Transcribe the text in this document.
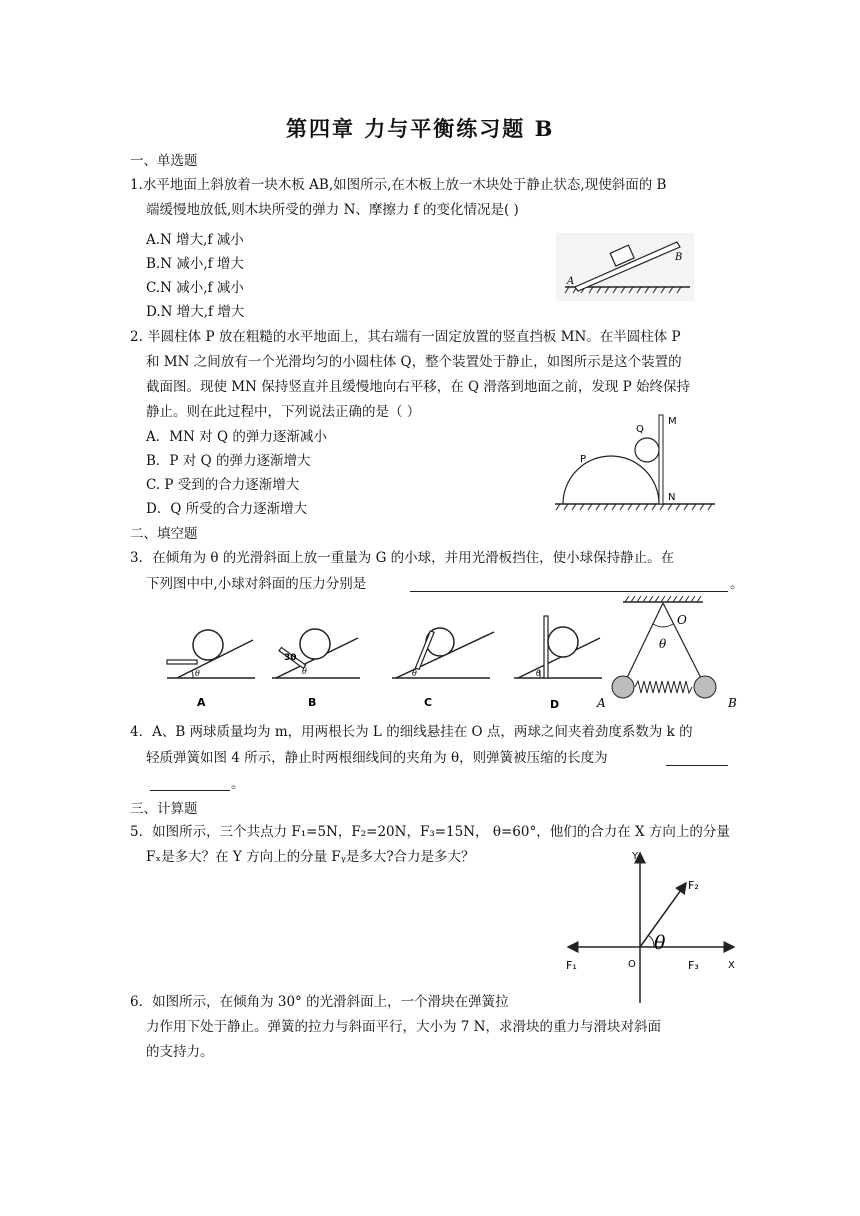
第四章 力与平衡练习题 B
一、单选题
1.水平地面上斜放着一块木板 AB,如图所示,在木板上放一木块处于静止状态,现使斜面的 B
端缓慢地放低,则木块所受的弹力 N、摩擦力 f 的变化情况是( )
A.N 增大,f 减小
B.N 减小,f 增大
C.N 减小,f 减小
D.N 增大,f 增大
A
B
2. 半圆柱体 P 放在粗糙的水平地面上，其右端有一固定放置的竖直挡板 MN。在半圆柱体 P
和 MN 之间放有一个光滑均匀的小圆柱体 Q，整个装置处于静止，如图所示是这个装置的
截面图。现使 MN 保持竖直并且缓慢地向右平移，在 Q 滑落到地面之前，发现 P 始终保持
静止。则在此过程中，下列说法正确的是（ ）
A．MN 对 Q 的弹力逐渐减小
B．P 对 Q 的弹力逐渐增大
C. P 受到的合力逐渐增大
D．Q 所受的合力逐渐增大
P
Q
M
N
二、填空题
3．在倾角为 θ 的光滑斜面上放一重量为 G 的小球，并用光滑板挡住，使小球保持静止。在
下列图中中,小球对斜面的压力分别是	。
θ
A
30
θ
B
θ
C
θ
D
O
θ
A	B
4．A、B 两球质量均为 m，用两根长为 L 的细线悬挂在 O 点，两球之间夹着劲度系数为 k 的
轻质弹簧如图 4 所示，静止时两根细线间的夹角为 θ，则弹簧被压缩的长度为
。
三、计算题
5．如图所示，三个共点力 F₁=5N，F₂=20N，F₃=15N， θ=60°，他们的合力在 X 方向上的分量
Fₓ是多大？在 Y 方向上的分量 Fᵧ是多大?合力是多大？	Y
X
O
F₁
F₂
F₃
θ
6．如图所示，在倾角为 30° 的光滑斜面上，一个滑块在弹簧拉
力作用下处于静止。弹簧的拉力与斜面平行，大小为 7 N，求滑块的重力与滑块对斜面
的支持力。
